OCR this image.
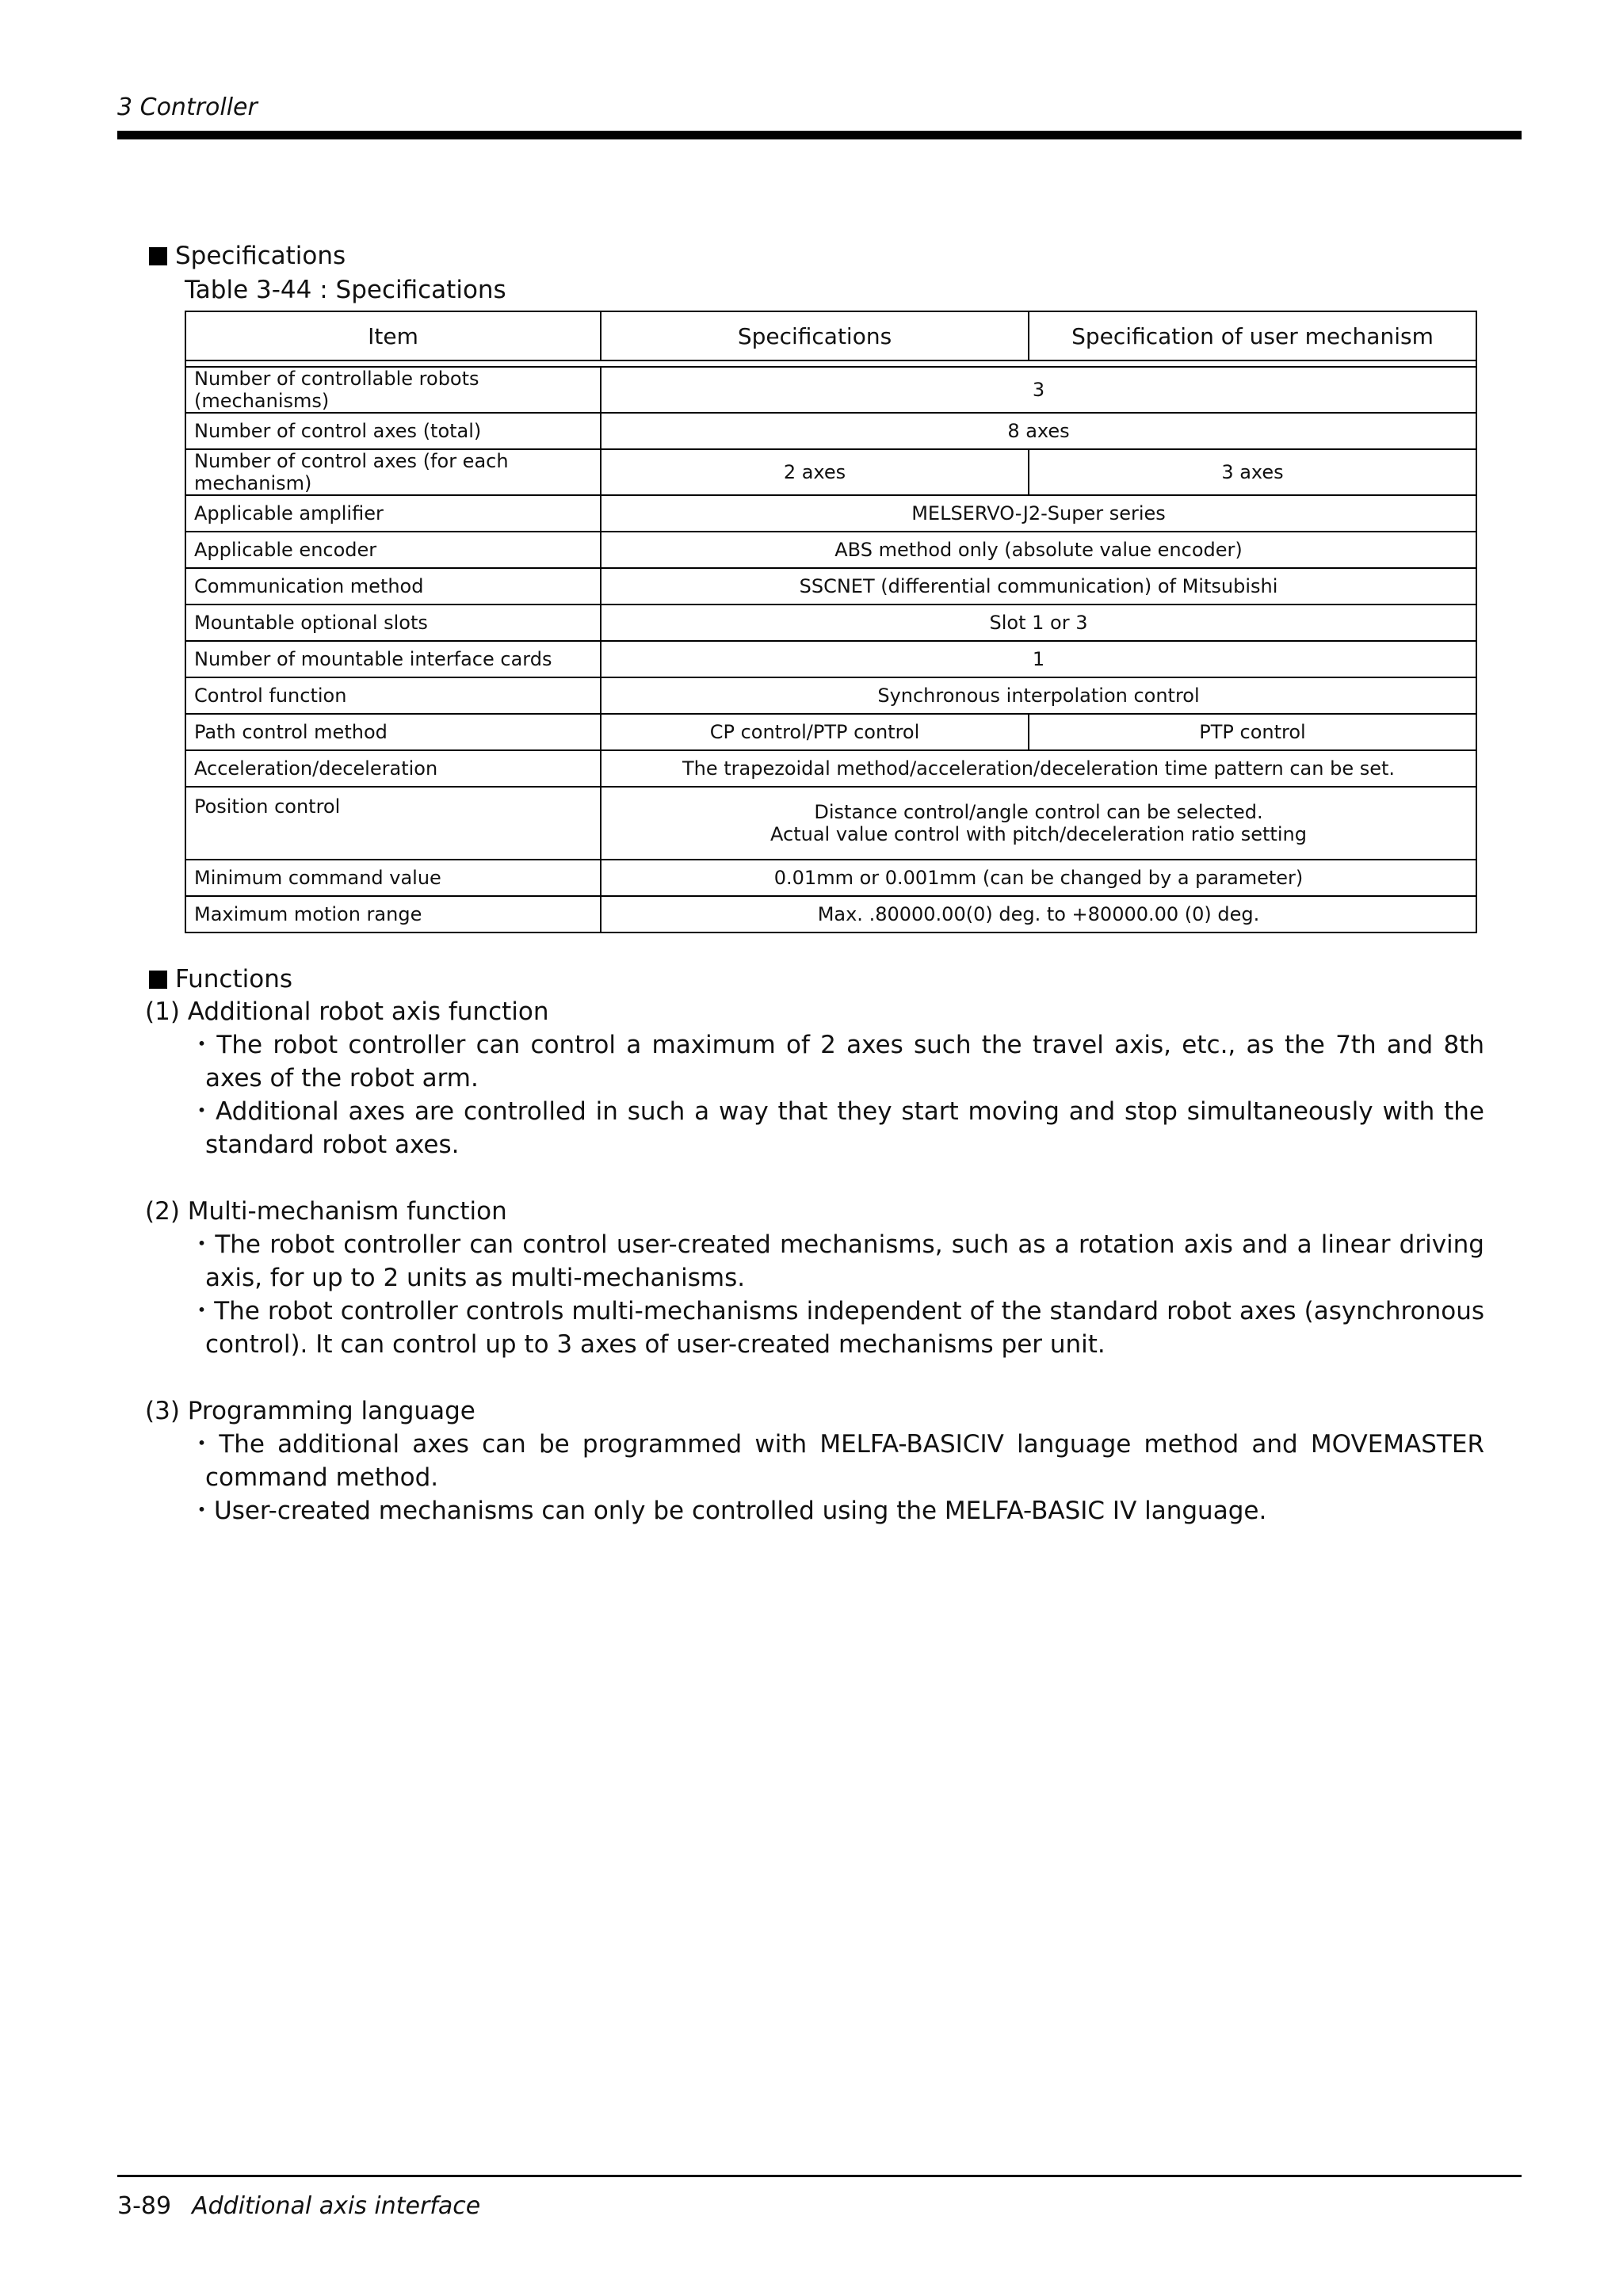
3 Controller
Specifications
Table 3-44 : Specifications
Item	Specifications	Specification of user mechanism

Number of controllable robots (mechanisms)	3	
Number of control axes (total)	8 axes	
Number of control axes (for each mechanism)	2 axes	3 axes
Applicable amplifier	MELSERVO-J2-Super series	
Applicable encoder	ABS method only (absolute value encoder)	
Communication method	SSCNET (differential communication) of Mitsubishi	
Mountable optional slots	Slot 1 or 3	
Number of mountable interface cards	1	
Control function	Synchronous interpolation control	
Path control method	CP control/PTP control	PTP control
Acceleration/deceleration	The trapezoidal method/acceleration/deceleration time pattern can be set.	
Position control	Distance control/angle control can be selected.
Actual value control with pitch/deceleration ratio setting	

Minimum command value	0.01mm or 0.001mm (can be changed by a parameter)	
Maximum motion range	Max. .80000.00(0) deg. to +80000.00 (0) deg.	
Functions

(1) Additional robot axis function

・The robot controller can control a maximum of 2 axes such the travel axis, etc., as the 7th and 8th axes of the robot arm.
・Additional axes are controlled in such a way that they start moving and stop simultaneously with the standard robot axes.

(2) Multi-mechanism function

・The robot controller can control user-created mechanisms, such as a rotation axis and a linear driving axis, for up to 2 units as multi-mechanisms.
・The robot controller controls multi-mechanisms independent of the standard robot axes (asynchronous control). It can control up to 3 axes of user-created mechanisms per unit.

(3) Programming language

・The additional axes can be programmed with MELFA-BASICIV language method and MOVEMASTER command method.
・User-created mechanisms can only be controlled using the MELFA-BASIC IV language.
3-89 Additional axis interface
